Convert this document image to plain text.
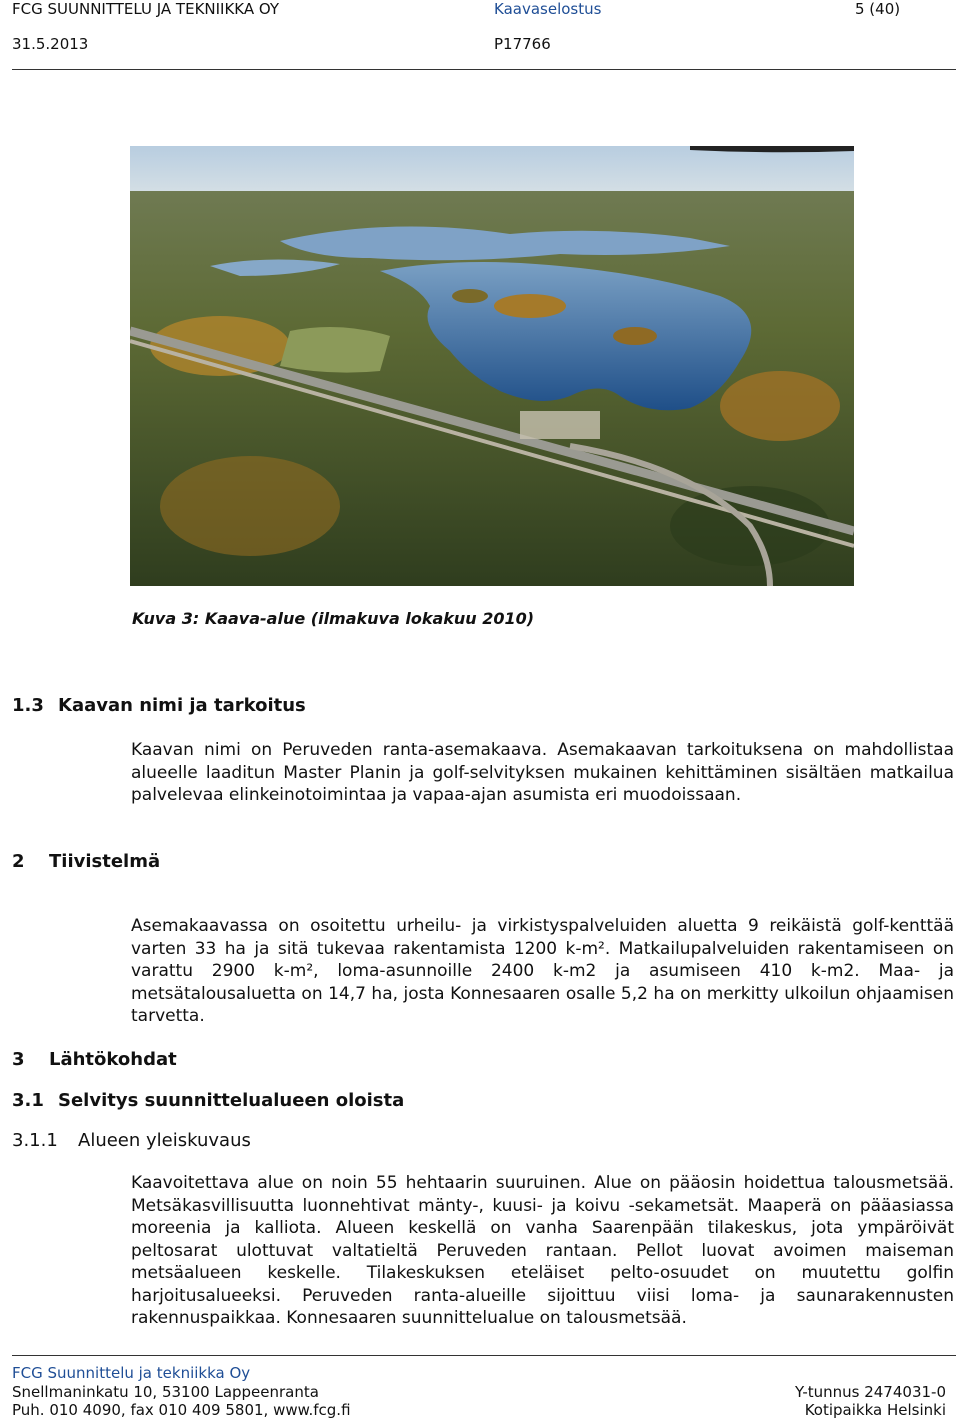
FCG SUUNNITTELU JA TEKNIIKKA OY	Kaavaselostus	5 (40)
31.5.2013	P17766
Kuva 3: Kaava-alue (ilmakuva lokakuu 2010)
1.3 Kaavan nimi ja tarkoitus
Kaavan nimi on Peruveden ranta-asemakaava. Asemakaavan tarkoituksena on mahdollistaa alueelle laaditun Master Planin ja golf-selvityksen mukainen kehittäminen sisältäen matkailua palvelevaa elinkeinotoimintaa ja vapaa-ajan asumista eri muodoissaan.
2 Tiivistelmä
Asemakaavassa on osoitettu urheilu- ja virkistyspalveluiden aluetta 9 reikäistä golf-kenttää varten 33 ha ja sitä tukevaa rakentamista 1200 k-m². Matkailupalveluiden rakentamiseen on varattu 2900 k-m², loma-asunnoille 2400 k-m2 ja asumiseen 410 k-m2. Maa- ja metsätalousaluetta on 14,7 ha, josta Konnesaaren osalle 5,2 ha on merkitty ulkoilun ohjaamisen tarvetta.
3 Lähtökohdat
3.1 Selvitys suunnittelualueen oloista
3.1.1 Alueen yleiskuvaus
Kaavoitettava alue on noin 55 hehtaarin suuruinen. Alue on pääosin hoidettua talousmetsää. Metsäkasvillisuutta luonnehtivat mänty-, kuusi- ja koivu -sekametsät. Maaperä on pääasiassa moreenia ja kalliota. Alueen keskellä on vanha Saarenpään tilakeskus, jota ympäröivät peltosarat ulottuvat valtatieltä Peruveden rantaan. Pellot luovat avoimen maiseman metsäalueen keskelle. Tilakeskuksen eteläiset pelto-osuudet on muutettu golfin harjoitusalueeksi. Peruveden ranta-alueille sijoittuu viisi loma- ja saunarakennusten rakennuspaikkaa. Konnesaaren suunnittelualue on talousmetsää.
FCG Suunnittelu ja tekniikka Oy
Snellmaninkatu 10, 53100 Lappeenranta
Puh. 010 4090, fax 010 409 5801, www.fcg.fi
Y-tunnus 2474031-0
Kotipaikka Helsinki
